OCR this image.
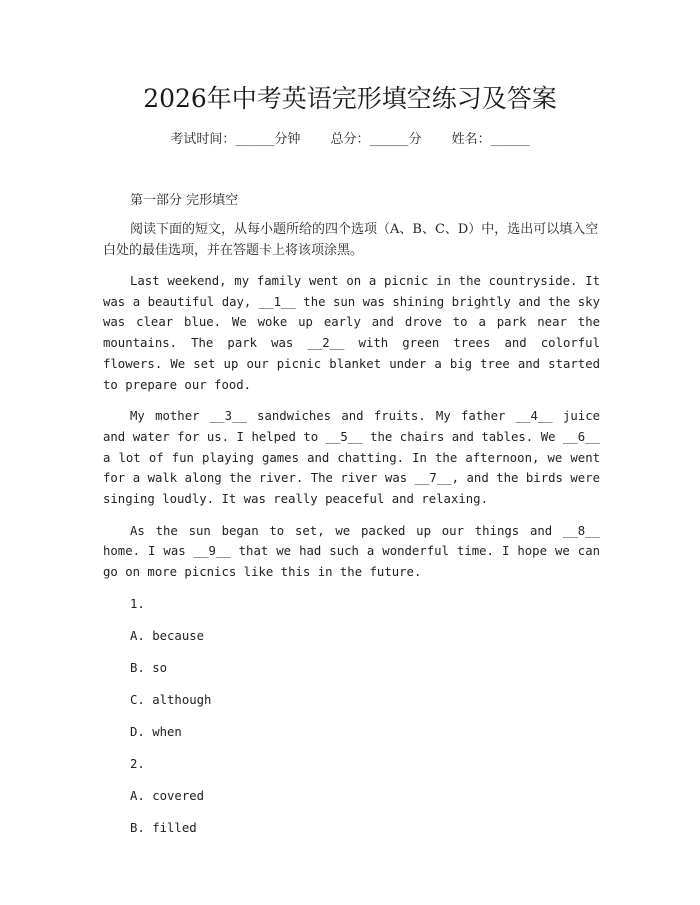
2026年中考英语完形填空练习及答案
考试时间：______分钟 总分：______分 姓名：______
第一部分 完形填空

阅读下面的短文，从每小题所给的四个选项（A、B、C、D）中，选出可以填入空白处的最佳选项，并在答题卡上将该项涂黑。

Last weekend, my family went on a picnic in the countryside. It was a beautiful day, __1__ the sun was shining brightly and the sky was clear blue. We woke up early and drove to a park near the mountains. The park was __2__ with green trees and colorful flowers. We set up our picnic blanket under a big tree and started to prepare our food.

My mother __3__ sandwiches and fruits. My father __4__ juice and water for us. I helped to __5__ the chairs and tables. We __6__ a lot of fun playing games and chatting. In the afternoon, we went for a walk along the river. The river was __7__, and the birds were singing loudly. It was really peaceful and relaxing.

As the sun began to set, we packed up our things and __8__ home. I was __9__ that we had such a wonderful time. I hope we can go on more picnics like this in the future.

1.
A. because
B. so
C. although
D. when
2.
A. covered
B. filled
